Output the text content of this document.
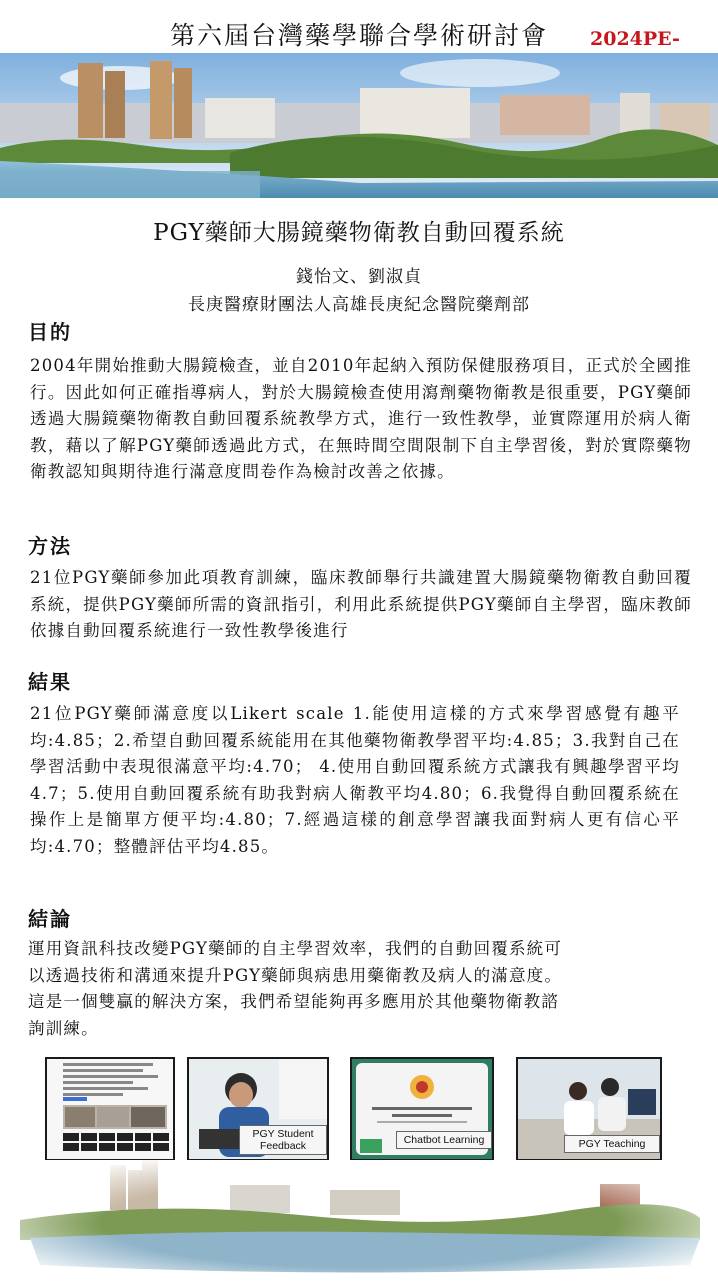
第六屆台灣藥學聯合學術研討會 2024PE-
PGY藥師大腸鏡藥物衛教自動回覆系統
錢怡文、劉淑貞
長庚醫療財團法人高雄長庚紀念醫院藥劑部
目的
2004年開始推動大腸鏡檢查，並自2010年起納入預防保健服務項目，正式於全國推行。因此如何正確指導病人，對於大腸鏡檢查使用瀉劑藥物衛教是很重要，PGY藥師透過大腸鏡藥物衛教自動回覆系統教學方式，進行一致性教學，並實際運用於病人衛教，藉以了解PGY藥師透過此方式，在無時間空間限制下自主學習後，對於實際藥物衛教認知與期待進行滿意度問卷作為檢討改善之依據。
方法
21位PGY藥師參加此項教育訓練，臨床教師舉行共識建置大腸鏡藥物衛教自動回覆系統，提供PGY藥師所需的資訊指引，利用此系統提供PGY藥師自主學習，臨床教師依據自動回覆系統進行一致性教學後進行
結果
21位PGY藥師滿意度以Likert scale 1.能使用這樣的方式來學習感覺有趣平均:4.85；2.希望自動回覆系統能用在其他藥物衛教學習平均:4.85；3.我對自己在學習活動中表現很滿意平均:4.70； 4.使用自動回覆系統方式讓我有興趣學習平均4.7；5.使用自動回覆系統有助我對病人衛教平均4.80；6.我覺得自動回覆系統在操作上是簡單方便平均:4.80；7.經過這樣的創意學習讓我面對病人更有信心平均:4.70；整體評估平均4.85。
結論
運用資訊科技改變PGY藥師的自主學習效率，我們的自動回覆系統可
以透過技術和溝通來提升PGY藥師與病患用藥衛教及病人的滿意度。
這是一個雙贏的解決方案，我們希望能夠再多應用於其他藥物衛教諮
詢訓練。
PGY Student Feedback	Chatbot Learning	PGY Teaching
